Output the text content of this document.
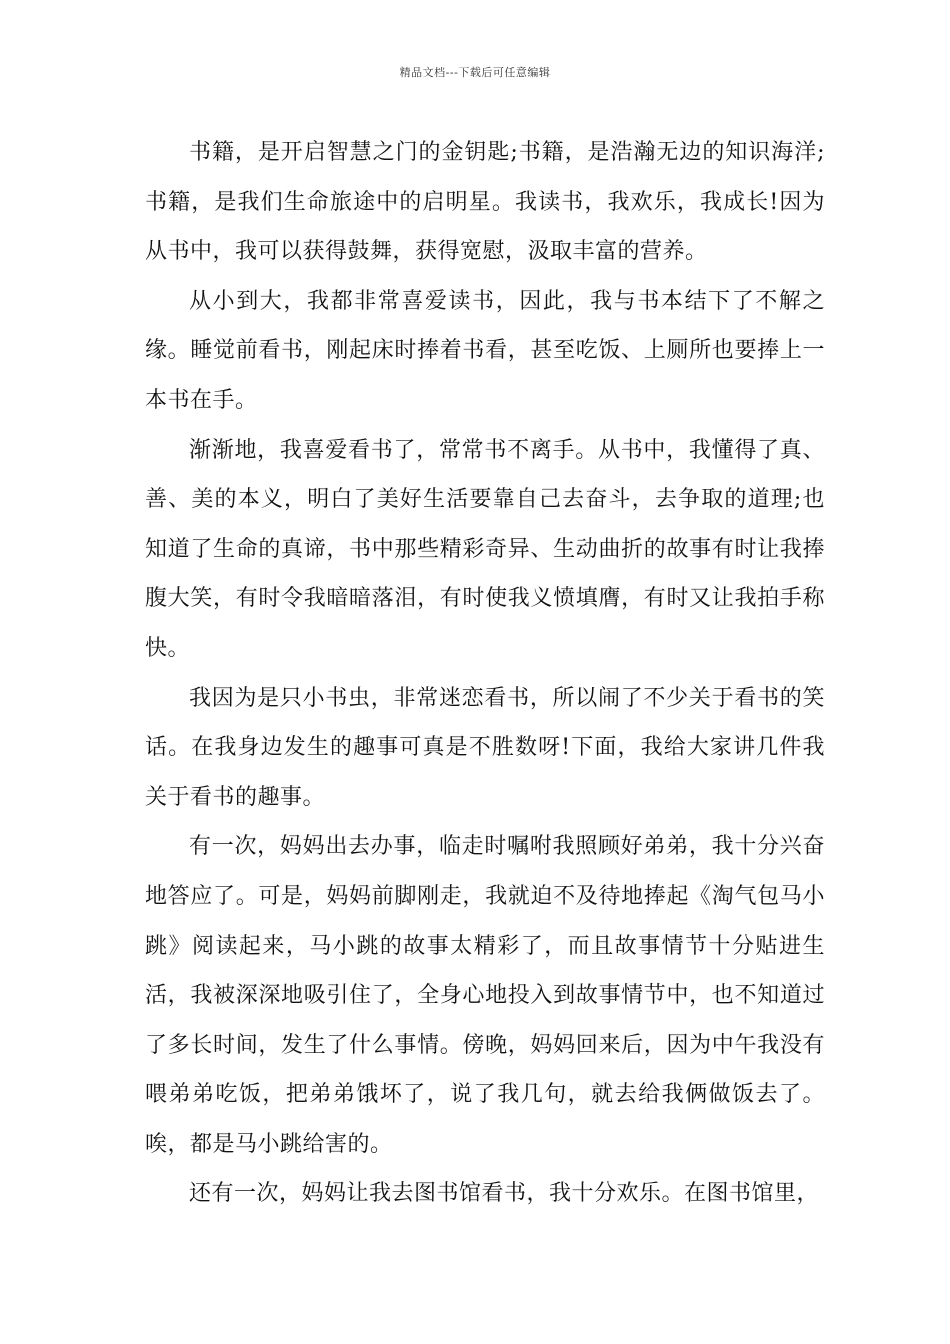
精品文档---下载后可任意编辑

书籍，是开启智慧之门的金钥匙;书籍，是浩瀚无边的知识海洋;书籍，是我们生命旅途中的启明星。我读书，我欢乐，我成长!因为从书中，我可以获得鼓舞，获得宽慰，汲取丰富的营养。

从小到大，我都非常喜爱读书，因此，我与书本结下了不解之缘。睡觉前看书，刚起床时捧着书看，甚至吃饭、上厕所也要捧上一本书在手。

渐渐地，我喜爱看书了，常常书不离手。从书中，我懂得了真、善、美的本义，明白了美好生活要靠自己去奋斗，去争取的道理;也知道了生命的真谛，书中那些精彩奇异、生动曲折的故事有时让我捧腹大笑，有时令我暗暗落泪，有时使我义愤填膺，有时又让我拍手称快。

我因为是只小书虫，非常迷恋看书，所以闹了不少关于看书的笑话。在我身边发生的趣事可真是不胜数呀!下面，我给大家讲几件我关于看书的趣事。

有一次，妈妈出去办事，临走时嘱咐我照顾好弟弟，我十分兴奋地答应了。可是，妈妈前脚刚走，我就迫不及待地捧起《淘气包马小跳》阅读起来，马小跳的故事太精彩了，而且故事情节十分贴进生活，我被深深地吸引住了，全身心地投入到故事情节中，也不知道过了多长时间，发生了什么事情。傍晚，妈妈回来后，因为中午我没有喂弟弟吃饭，把弟弟饿坏了，说了我几句，就去给我俩做饭去了。唉，都是马小跳给害的。

还有一次，妈妈让我去图书馆看书，我十分欢乐。在图书馆里，
